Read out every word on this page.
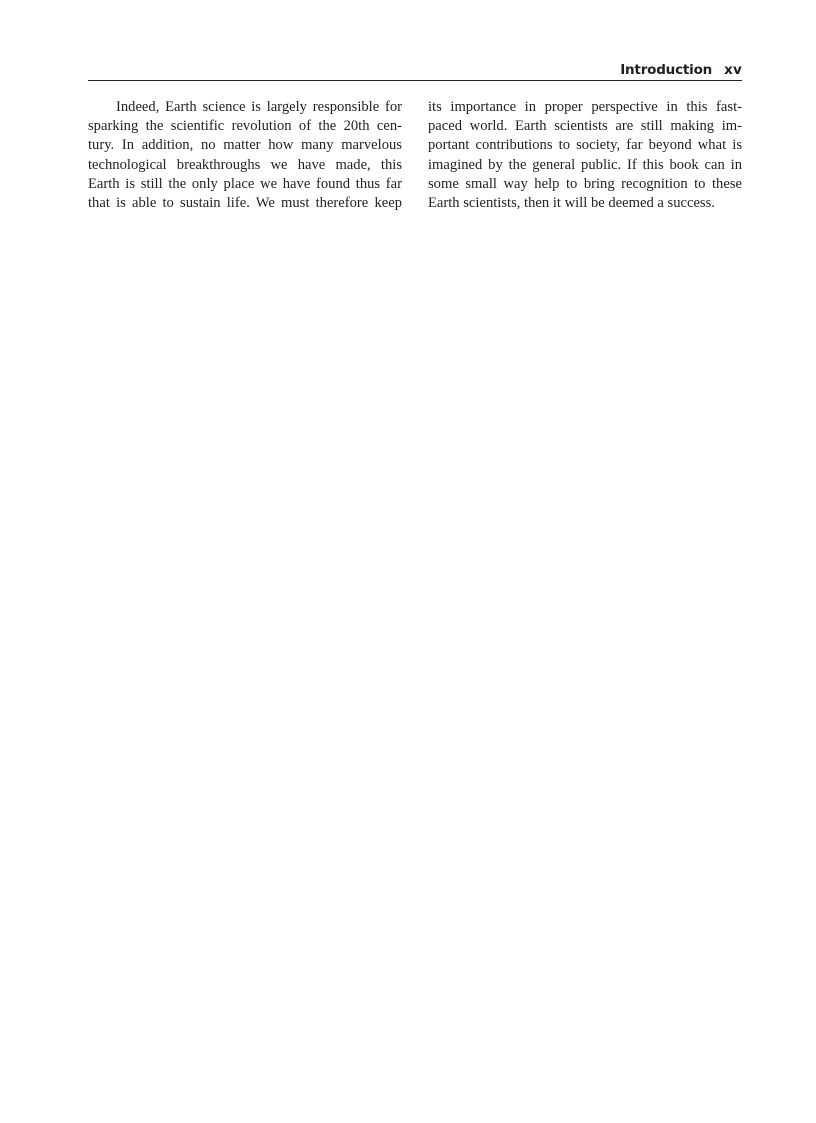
Introduction xv
Indeed, Earth science is largely responsible for
sparking the scientific revolution of the 20th cen-
tury. In addition, no matter how many marvelous
technological breakthroughs we have made, this
Earth is still the only place we have found thus far
that is able to sustain life. We must therefore keep
its importance in proper perspective in this fast-
paced world. Earth scientists are still making im-
portant contributions to society, far beyond what is
imagined by the general public. If this book can in
some small way help to bring recognition to these
Earth scientists, then it will be deemed a success.
